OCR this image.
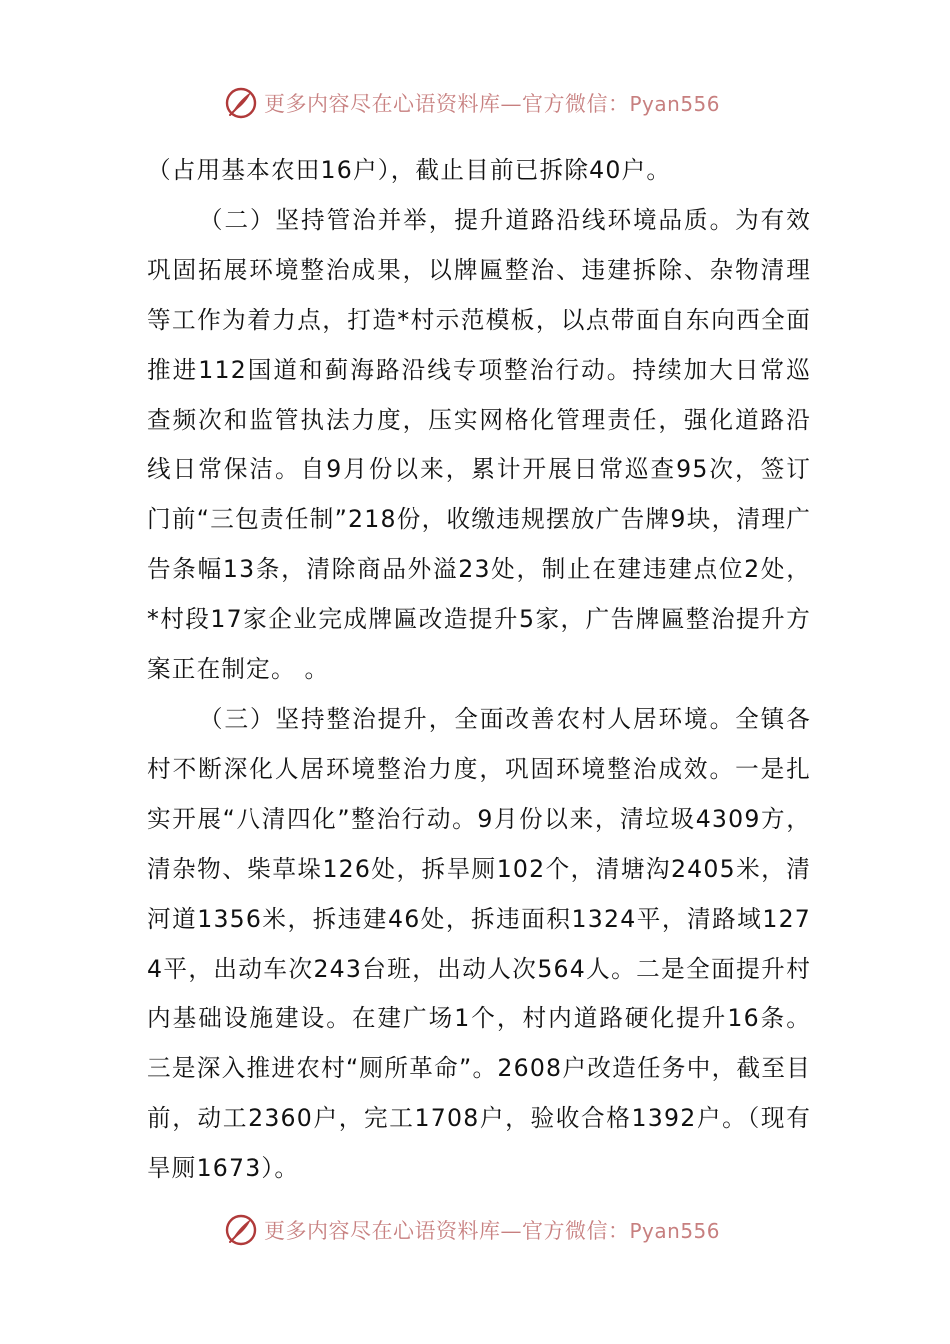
更多内容尽在心语资料库—官方微信：Pyan556

（占用基本农田16户），截止目前已拆除40户。

（二）坚持管治并举，提升道路沿线环境品质。为有效巩固拓展环境整治成果，以牌匾整治、违建拆除、杂物清理等工作为着力点，打造*村示范模板，以点带面自东向西全面推进112国道和蓟海路沿线专项整治行动。持续加大日常巡查频次和监管执法力度，压实网格化管理责任，强化道路沿线日常保洁。自9月份以来，累计开展日常巡查95次，签订门前“三包责任制”218份，收缴违规摆放广告牌9块，清理广告条幅13条，清除商品外溢23处，制止在建违建点位2处，*村段17家企业完成牌匾改造提升5家，广告牌匾整治提升方案正在制定。 。

（三）坚持整治提升，全面改善农村人居环境。全镇各村不断深化人居环境整治力度，巩固环境整治成效。一是扎实开展“八清四化”整治行动。9月份以来，清垃圾4309方，清杂物、柴草垛126处，拆旱厕102个，清塘沟2405米，清河道1356米，拆违建46处，拆违面积1324平，清路域1274平，出动车次243台班，出动人次564人。二是全面提升村内基础设施建设。在建广场1个，村内道路硬化提升16条。三是深入推进农村“厕所革命”。2608户改造任务中，截至目前，动工2360户，完工1708户，验收合格1392户。（现有旱厕1673）。

更多内容尽在心语资料库—官方微信：Pyan556
